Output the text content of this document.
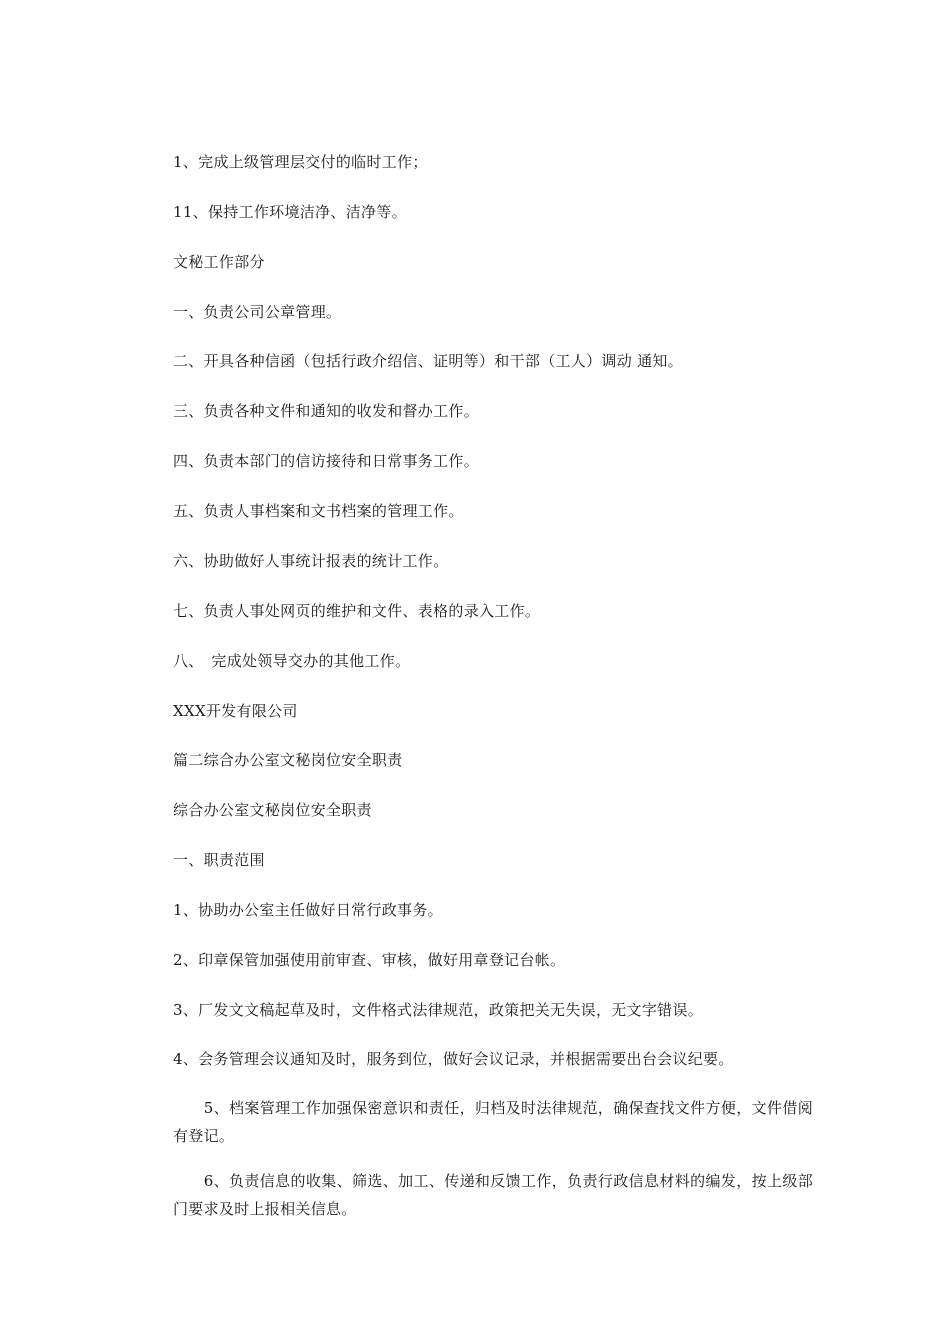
1、完成上级管理层交付的临时工作；
11、保持工作环境洁净、洁净等。
文秘工作部分
一、负责公司公章管理。
二、开具各种信函（包括行政介绍信、证明等）和干部（工人）调动 通知。
三、负责各种文件和通知的收发和督办工作。
四、负责本部门的信访接待和日常事务工作。
五、负责人事档案和文书档案的管理工作。
六、协助做好人事统计报表的统计工作。
七、负责人事处网页的维护和文件、表格的录入工作。
八、　完成处领导交办的其他工作。
XXX开发有限公司
篇二综合办公室文秘岗位安全职责
综合办公室文秘岗位安全职责
一、职责范围
1、协助办公室主任做好日常行政事务。
2、印章保管加强使用前审查、审核，做好用章登记台帐。
3、厂发文文稿起草及时，文件格式法律规范，政策把关无失误，无文字错误。
4、会务管理会议通知及时，服务到位，做好会议记录，并根据需要出台会议纪要。
　　5、档案管理工作加强保密意识和责任，归档及时法律规范，确保查找文件方便，文件借阅有登记。
　　6、负责信息的收集、筛选、加工、传递和反馈工作，负责行政信息材料的编发，按上级部门要求及时上报相关信息。
